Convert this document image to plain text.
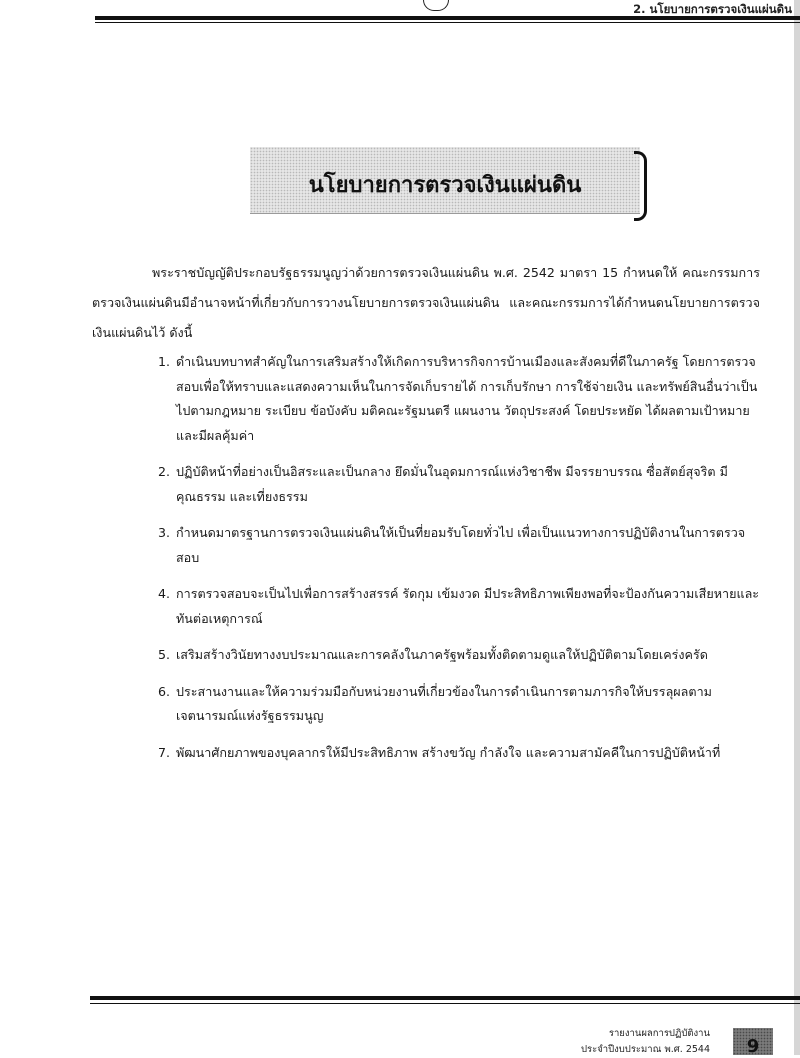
2. นโยบายการตรวจเงินแผ่นดิน
นโยบายการตรวจเงินแผ่นดิน

พระราชบัญญัติประกอบรัฐธรรมนูญว่าด้วยการตรวจเงินแผ่นดิน พ.ศ. 2542 มาตรา 15 กำหนดให้ คณะกรรมการตรวจเงินแผ่นดินมีอำนาจหน้าที่เกี่ยวกับการวางนโยบายการตรวจเงินแผ่นดิน และคณะกรรมการได้กำหนดนโยบายการตรวจเงินแผ่นดินไว้ ดังนี้

1. ดำเนินบทบาทสำคัญในการเสริมสร้างให้เกิดการบริหารกิจการบ้านเมืองและสังคมที่ดีในภาครัฐ โดยการตรวจสอบเพื่อให้ทราบและแสดงความเห็นในการจัดเก็บรายได้ การเก็บรักษา การใช้จ่ายเงิน และทรัพย์สินอื่นว่าเป็นไปตามกฎหมาย ระเบียบ ข้อบังคับ มติคณะรัฐมนตรี แผนงาน วัตถุประสงค์ โดยประหยัด ได้ผลตามเป้าหมายและมีผลคุ้มค่า
2. ปฏิบัติหน้าที่อย่างเป็นอิสระและเป็นกลาง ยึดมั่นในอุดมการณ์แห่งวิชาชีพ มีจรรยาบรรณ ซื่อสัตย์สุจริต มีคุณธรรม และเที่ยงธรรม
3. กำหนดมาตรฐานการตรวจเงินแผ่นดินให้เป็นที่ยอมรับโดยทั่วไป เพื่อเป็นแนวทางการปฏิบัติงานในการตรวจสอบ
4. การตรวจสอบจะเป็นไปเพื่อการสร้างสรรค์ รัดกุม เข้มงวด มีประสิทธิภาพเพียงพอที่จะป้องกันความเสียหายและทันต่อเหตุการณ์
5. เสริมสร้างวินัยทางงบประมาณและการคลังในภาครัฐพร้อมทั้งติดตามดูแลให้ปฏิบัติตามโดยเคร่งครัด
6. ประสานงานและให้ความร่วมมือกับหน่วยงานที่เกี่ยวข้องในการดำเนินการตามภารกิจให้บรรลุผลตามเจตนารมณ์แห่งรัฐธรรมนูญ
7. พัฒนาศักยภาพของบุคลากรให้มีประสิทธิภาพ สร้างขวัญ กำลังใจ และความสามัคคีในการปฏิบัติหน้าที่
รายงานผลการปฏิบัติงาน
ประจำปีงบประมาณ พ.ศ. 2544	9
